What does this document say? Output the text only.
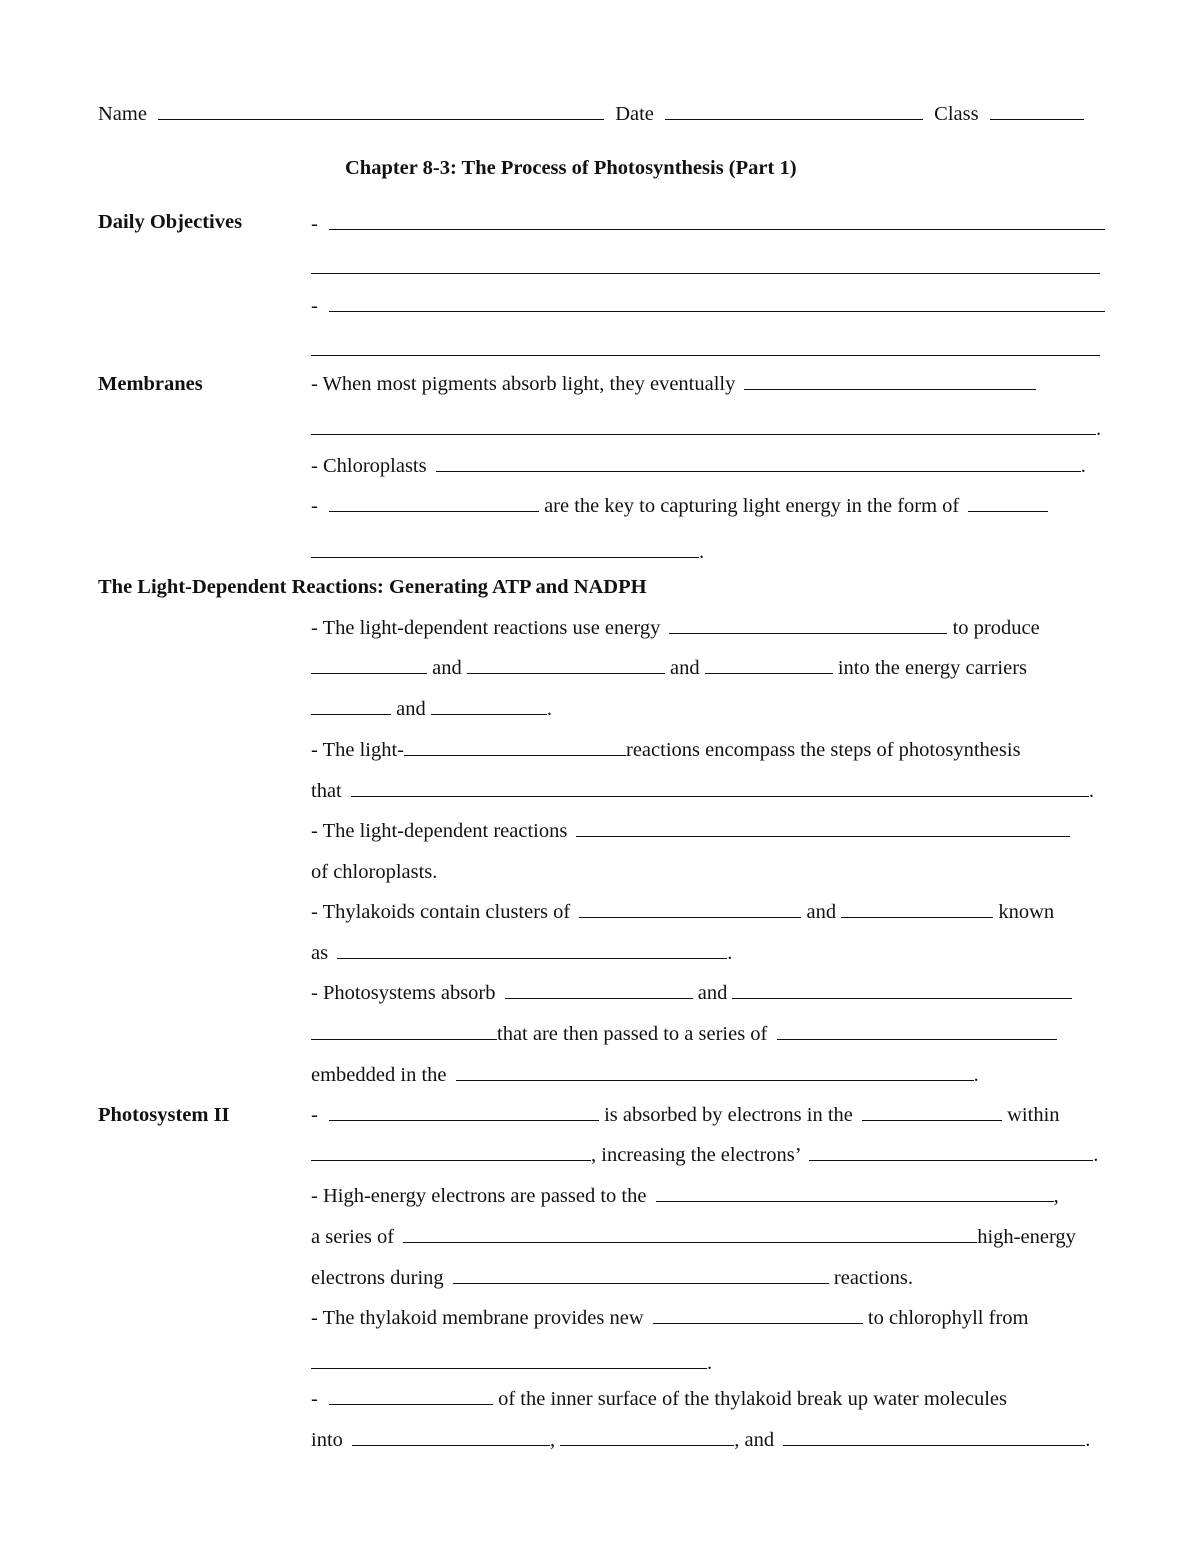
Name	Date	Class
Chapter 8-3: The Process of Photosynthesis (Part 1)
Daily Objectives	-
-
Membranes	- When most pigments absorb light, they eventually
.
- Chloroplasts	.
-	are the key to capturing light energy in the form of
.
The Light-Dependent Reactions: Generating ATP and NADPH
- The light-dependent reactions use energy	to produce
and	and	into the energy carriers
and	.
- The light-	reactions encompass the steps of photosynthesis
that	.
- The light-dependent reactions
of chloroplasts.
- Thylakoids contain clusters of	and	known
as	.
- Photosystems absorb	and
that are then passed to a series of
embedded in the	.
Photosystem II	-	is absorbed by electrons in the	within
, increasing the electrons’	.
- High-energy electrons are passed to the	,
a series of	high-energy
electrons during	reactions.
- The thylakoid membrane provides new	to chlorophyll from
.
-	of the inner surface of the thylakoid break up water molecules
into	,	, and	.
